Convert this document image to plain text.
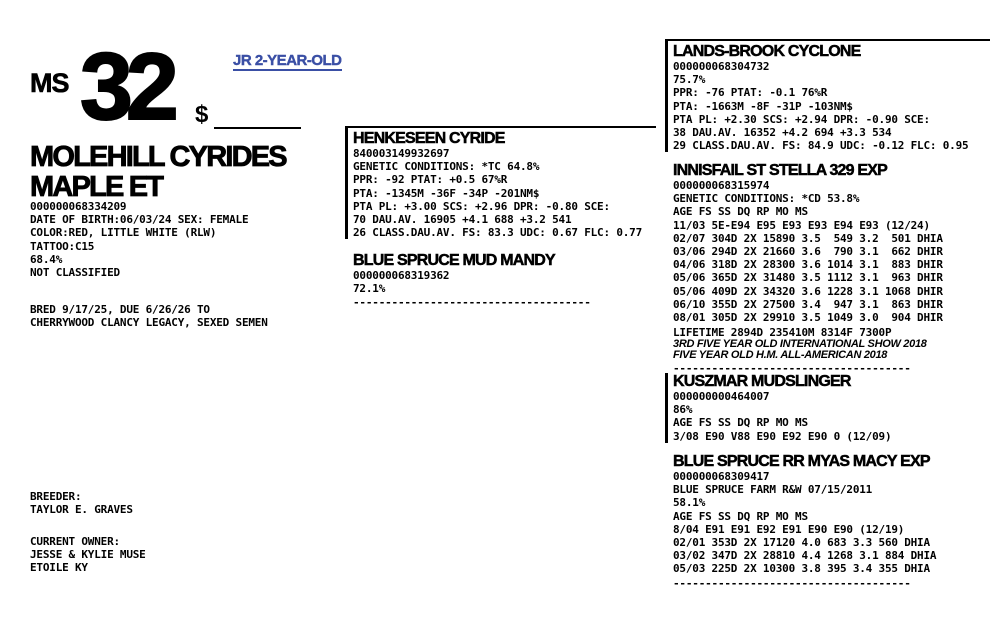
MS 32	JR 2-YEAR-OLD
$
MOLEHILL CYRIDES
MAPLE ET
000000068334209
DATE OF BIRTH:06/03/24 SEX: FEMALE
COLOR:RED, LITTLE WHITE (RLW)
TATTOO:C15
68.4%
NOT CLASSIFIED
BRED 9/17/25, DUE 6/26/26 TO
CHERRYWOOD CLANCY LEGACY, SEXED SEMEN
BREEDER:
TAYLOR E. GRAVES
CURRENT OWNER:
JESSE & KYLIE MUSE
ETOILE KY
HENKESEEN CYRIDE
840003149932697
GENETIC CONDITIONS: *TC 64.8%
PPR: -92 PTAT: +0.5 67%R
PTA: -1345M -36F -34P -201NM$
PTA PL: +3.00 SCS: +2.96 DPR: -0.80 SCE:
70 DAU.AV. 16905 +4.1 688 +3.2 541
26 CLASS.DAU.AV. FS: 83.3 UDC: 0.67 FLC: 0.77
BLUE SPRUCE MUD MANDY
000000068319362
72.1%
-------------------------------------
LANDS-BROOK CYCLONE
000000068304732
75.7%
PPR: -76 PTAT: -0.1 76%R
PTA: -1663M -8F -31P -103NM$
PTA PL: +2.30 SCS: +2.94 DPR: -0.90 SCE:
38 DAU.AV. 16352 +4.2 694 +3.3 534
29 CLASS.DAU.AV. FS: 84.9 UDC: -0.12 FLC: 0.95
INNISFAIL ST STELLA 329 EXP
000000068315974
GENETIC CONDITIONS: *CD 53.8%
AGE FS SS DQ RP MO MS
11/03 5E-E94 E95 E93 E93 E94 E93 (12/24)
02/07 304D 2X 15890 3.5  549 3.2  501 DHIA
03/06 294D 2X 21660 3.6  790 3.1  662 DHIR
04/06 318D 2X 28300 3.6 1014 3.1  883 DHIR
05/06 365D 2X 31480 3.5 1112 3.1  963 DHIR
05/06 409D 2X 34320 3.6 1228 3.1 1068 DHIR
06/10 355D 2X 27500 3.4  947 3.1  863 DHIR
08/01 305D 2X 29910 3.5 1049 3.0  904 DHIR
LIFETIME 2894D 235410M 8314F 7300P
3RD FIVE YEAR OLD INTERNATIONAL SHOW 2018
FIVE YEAR OLD H.M. ALL-AMERICAN 2018
-------------------------------------
KUSZMAR MUDSLINGER
000000000464007
86%
AGE FS SS DQ RP MO MS
3/08 E90 V88 E90 E92 E90 0 (12/09)
BLUE SPRUCE RR MYAS MACY EXP
000000068309417
BLUE SPRUCE FARM R&W 07/15/2011
58.1%
AGE FS SS DQ RP MO MS
8/04 E91 E91 E92 E91 E90 E90 (12/19)
02/01 353D 2X 17120 4.0 683 3.3 560 DHIA
03/02 347D 2X 28810 4.4 1268 3.1 884 DHIA
05/03 225D 2X 10300 3.8 395 3.4 355 DHIA
-------------------------------------
